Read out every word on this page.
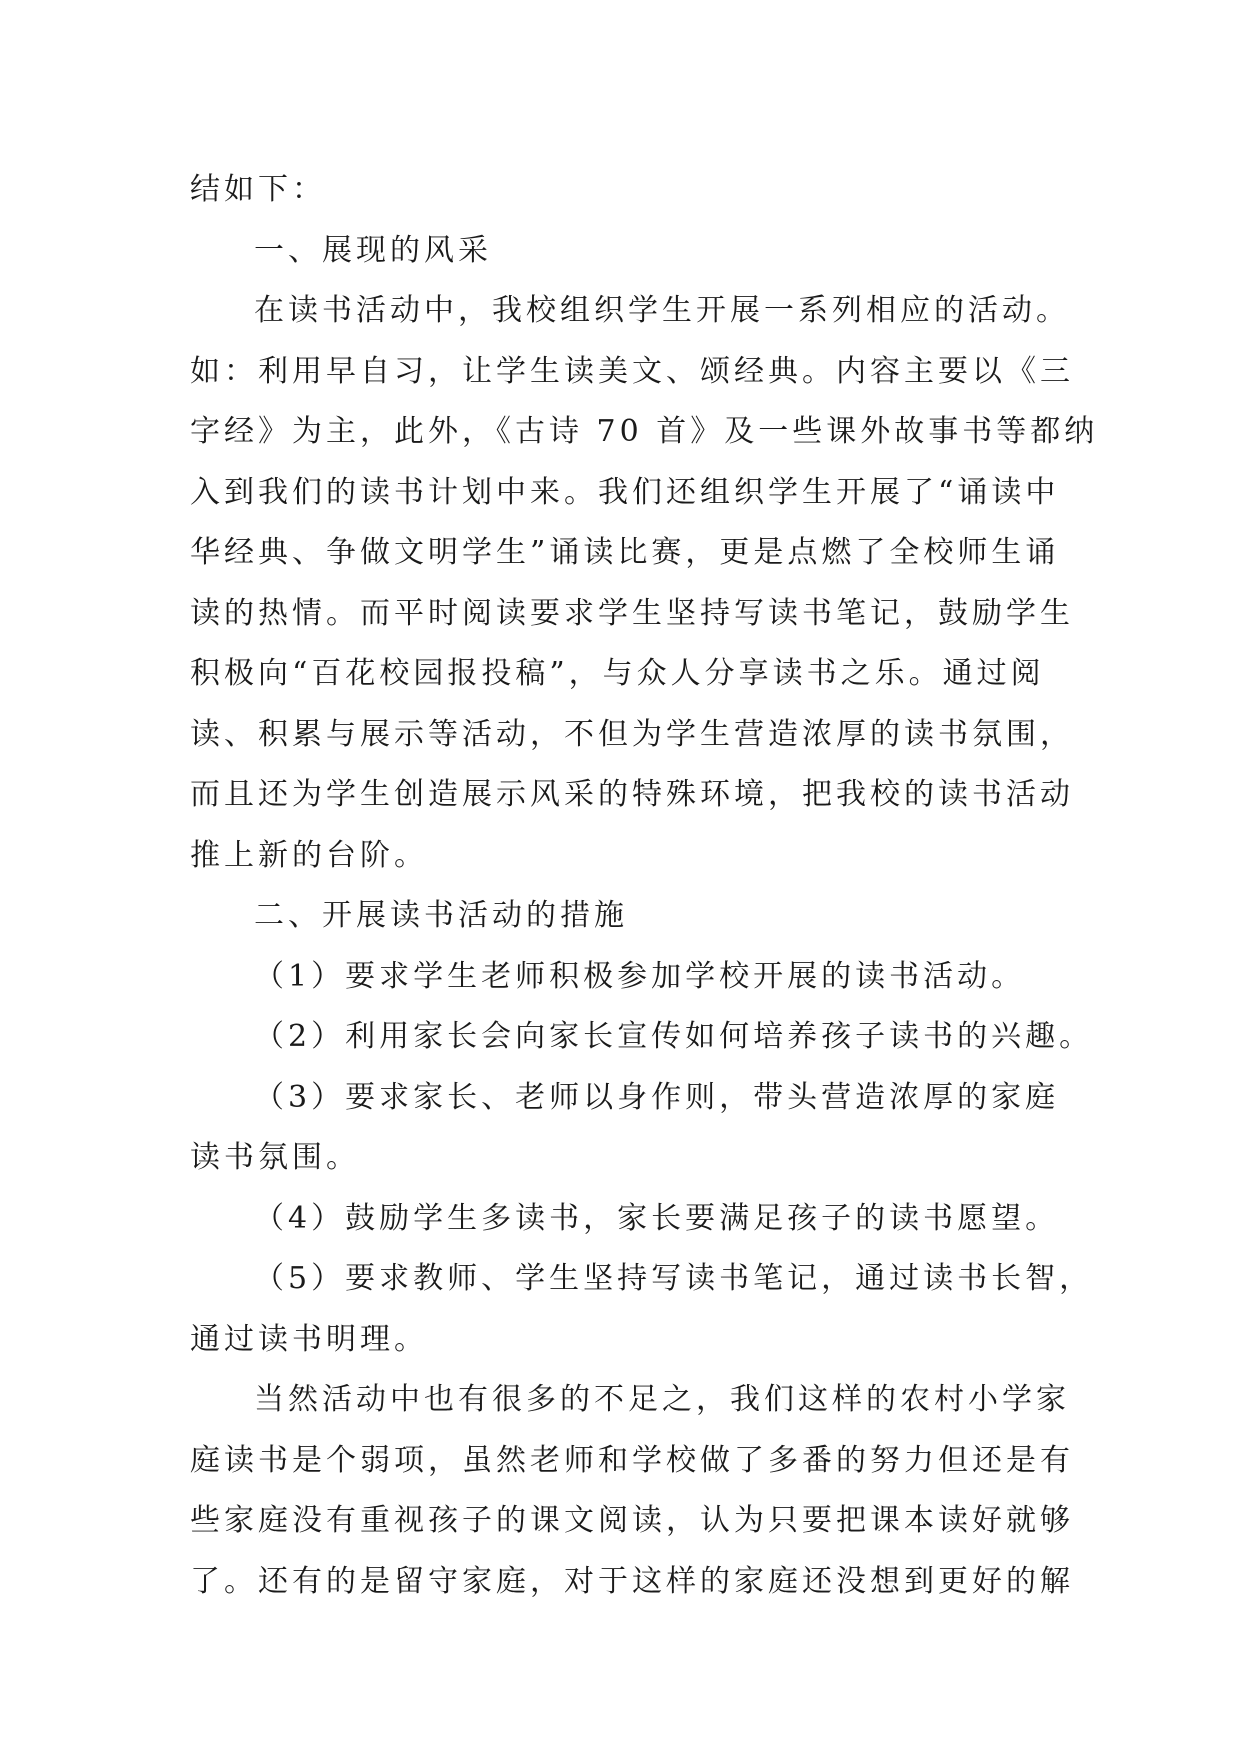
结如下：
一、展现的风采
在读书活动中，我校组织学生开展一系列相应的活动。
如：利用早自习，让学生读美文、颂经典。内容主要以《三
字经》为主，此外，《古诗 70 首》及一些课外故事书等都纳
入到我们的读书计划中来。我们还组织学生开展了“诵读中
华经典、争做文明学生”诵读比赛，更是点燃了全校师生诵
读的热情。而平时阅读要求学生坚持写读书笔记，鼓励学生
积极向“百花校园报投稿”，与众人分享读书之乐。通过阅
读、积累与展示等活动，不但为学生营造浓厚的读书氛围，
而且还为学生创造展示风采的特殊环境，把我校的读书活动
推上新的台阶。
二、开展读书活动的措施
（1）要求学生老师积极参加学校开展的读书活动。
（2）利用家长会向家长宣传如何培养孩子读书的兴趣。
（3）要求家长、老师以身作则，带头营造浓厚的家庭
读书氛围。
（4）鼓励学生多读书，家长要满足孩子的读书愿望。
（5）要求教师、学生坚持写读书笔记，通过读书长智，
通过读书明理。
当然活动中也有很多的不足之，我们这样的农村小学家
庭读书是个弱项，虽然老师和学校做了多番的努力但还是有
些家庭没有重视孩子的课文阅读，认为只要把课本读好就够
了。还有的是留守家庭，对于这样的家庭还没想到更好的解
